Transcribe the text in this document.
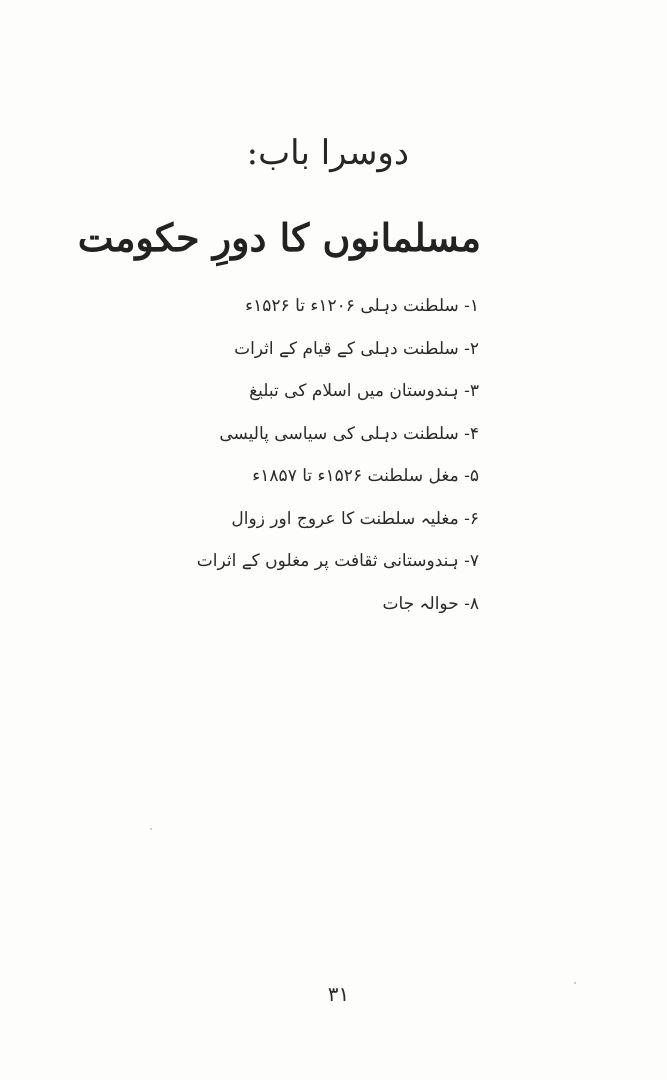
دوسرا باب:
مسلمانوں کا دورِ حکومت
۱- سلطنت دہلی ۱۲۰۶ء تا ۱۵۲۶ء
۲- سلطنت دہلی کے قیام کے اثرات
۳- ہندوستان میں اسلام کی تبلیغ
۴- سلطنت دہلی کی سیاسی پالیسی
۵- مغل سلطنت ۱۵۲۶ء تا ۱۸۵۷ء
۶- مغلیہ سلطنت کا عروج اور زوال
۷- ہندوستانی ثقافت پر مغلوں کے اثرات
۸- حوالہ جات
۳۱
